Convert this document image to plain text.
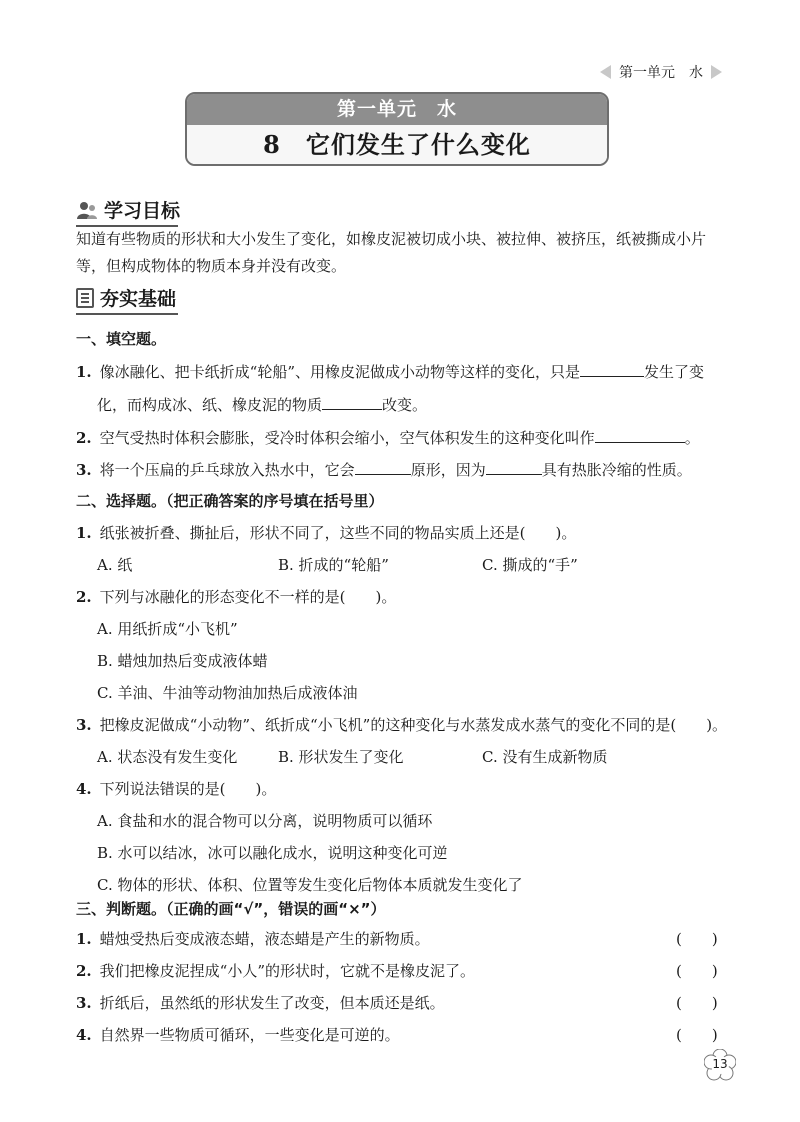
第一单元　水
第一单元　水
8　它们发生了什么变化
学习目标
知道有些物质的形状和大小发生了变化，如橡皮泥被切成小块、被拉伸、被挤压，纸被撕成小片等，但构成物体的物质本身并没有改变。
夯实基础
一、填空题。
1. 像冰融化、把卡纸折成“轮船”、用橡皮泥做成小动物等这样的变化，只是	发生了变
化，而构成冰、纸、橡皮泥的物质	改变。
2. 空气受热时体积会膨胀，受冷时体积会缩小，空气体积发生的这种变化叫作	。
3. 将一个压扁的乒乓球放入热水中，它会	原形，因为	具有热胀冷缩的性质。
二、选择题。（把正确答案的序号填在括号里）
1. 纸张被折叠、撕扯后，形状不同了，这些不同的物品实质上还是(　　)。
A. 纸	B. 折成的“轮船”	C. 撕成的“手”
2. 下列与冰融化的形态变化不一样的是(　　)。
A. 用纸折成“小飞机”
B. 蜡烛加热后变成液体蜡
C. 羊油、牛油等动物油加热后成液体油
3. 把橡皮泥做成“小动物”、纸折成“小飞机”的这种变化与水蒸发成水蒸气的变化不同的是(　　)。
A. 状态没有发生变化	B. 形状发生了变化	C. 没有生成新物质
4. 下列说法错误的是(　　)。
A. 食盐和水的混合物可以分离，说明物质可以循环
B. 水可以结冰，冰可以融化成水，说明这种变化可逆
C. 物体的形状、体积、位置等发生变化后物体本质就发生变化了
三、判断题。（正确的画“√”，错误的画“×”）
1. 蜡烛受热后变成液态蜡，液态蜡是产生的新物质。	(　　)
2. 我们把橡皮泥捏成“小人”的形状时，它就不是橡皮泥了。	(　　)
3. 折纸后，虽然纸的形状发生了改变，但本质还是纸。	(　　)
4. 自然界一些物质可循环，一些变化是可逆的。	(　　)
13
